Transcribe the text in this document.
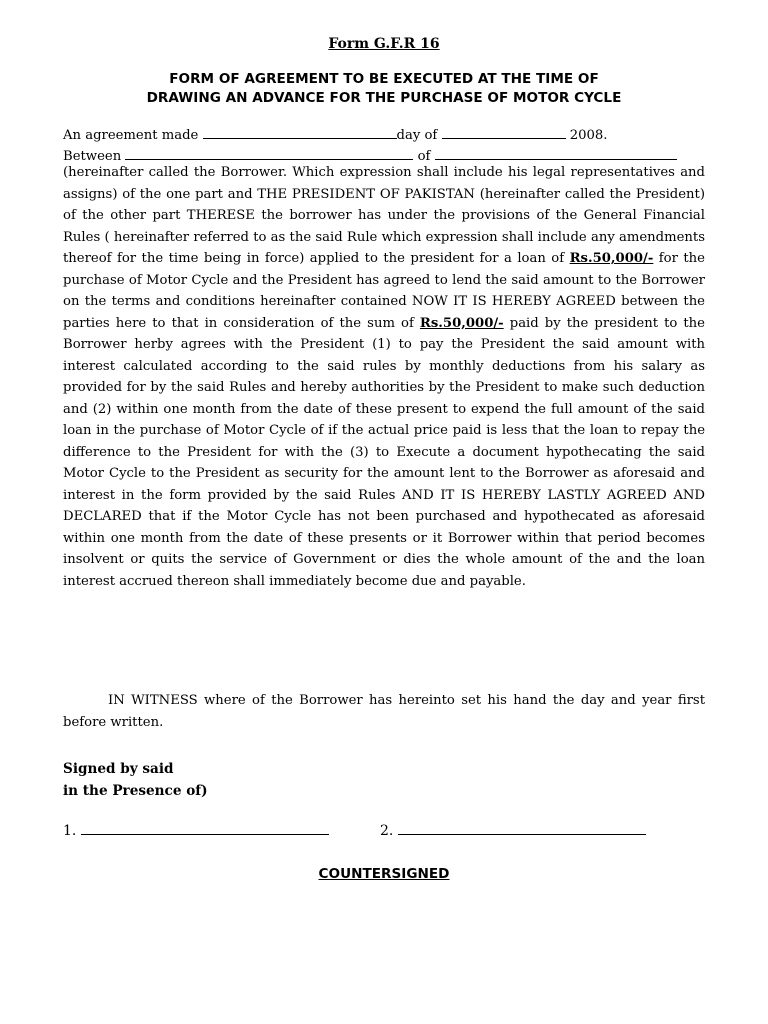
Form G.F.R 16
FORM OF AGREEMENT TO BE EXECUTED AT THE TIME OF
DRAWING AN ADVANCE FOR THE PURCHASE OF MOTOR CYCLE
An agreement made	day of	2008.
Between	of
(hereinafter called the Borrower. Which expression shall include his legal representatives and assigns) of the one part and THE PRESIDENT OF PAKISTAN (hereinafter called the President) of the other part THERESE the borrower has under the provisions of the General Financial Rules ( hereinafter referred to as the said Rule which expression shall include any amendments thereof for the time being in force) applied to the president for a loan of Rs.50,000/- for the purchase of Motor Cycle and the President has agreed to lend the said amount to the Borrower on the terms and conditions hereinafter contained NOW IT IS HEREBY AGREED between the parties here to that in consideration of the sum of Rs.50,000/- paid by the president to the Borrower herby agrees with the President (1) to pay the President the said amount with interest calculated according to the said rules by monthly deductions from his salary as provided for by the said Rules and hereby authorities by the President to make such deduction and (2) within one month from the date of these present to expend the full amount of the said loan in the purchase of Motor Cycle of if the actual price paid is less that the loan to repay the difference to the President for with the (3) to Execute a document hypothecating the said Motor Cycle to the President as security for the amount lent to the Borrower as aforesaid and interest in the form provided by the said Rules AND IT IS HEREBY LASTLY AGREED AND DECLARED that if the Motor Cycle has not been purchased and hypothecated as aforesaid within one month from the date of these presents or it Borrower within that period becomes insolvent or quits the service of Government or dies the whole amount of the and the loan interest accrued thereon shall immediately become due and payable.
IN WITNESS where of the Borrower has hereinto set his hand the day and year first before written.
Signed by said
in the Presence of)
1.	2.
COUNTERSIGNED
